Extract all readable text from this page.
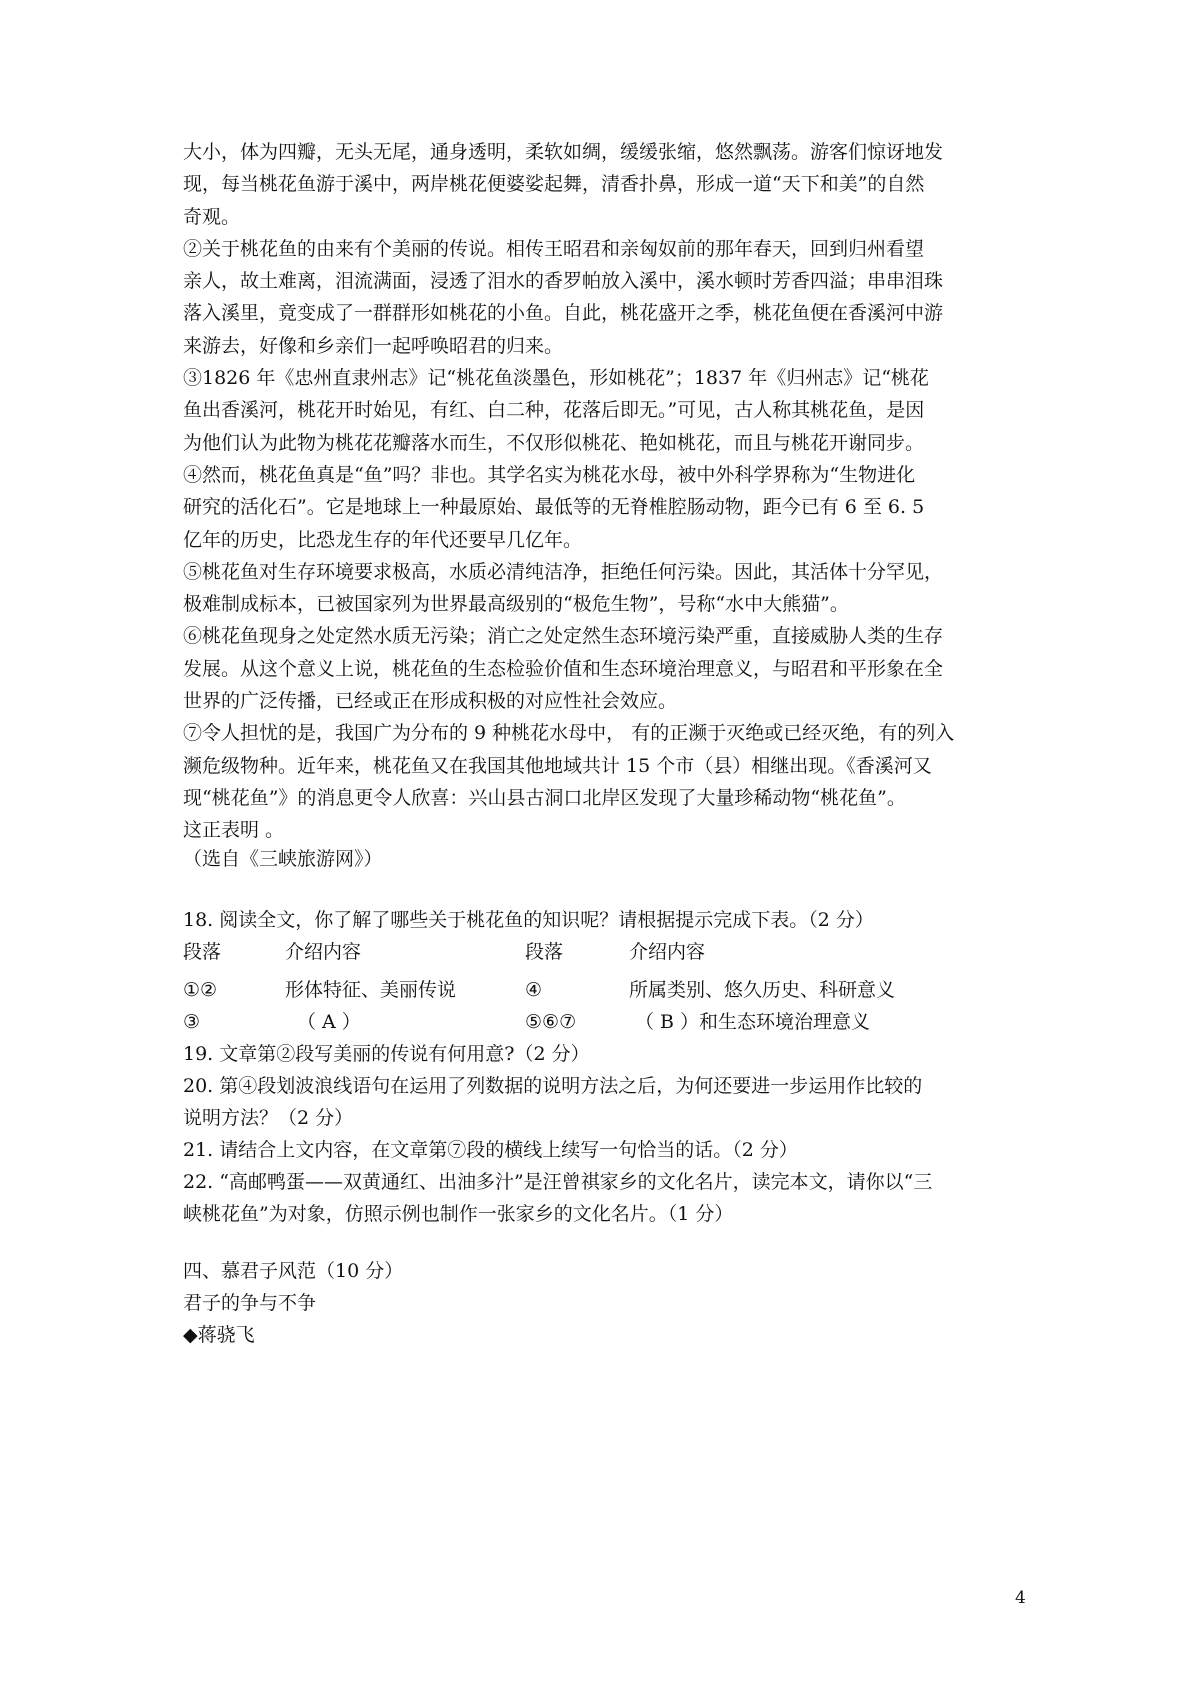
大小，体为四瓣，无头无尾，通身透明，柔软如绸，缓缓张缩，悠然飘荡。游客们惊讶地发
现，每当桃花鱼游于溪中，两岸桃花便婆娑起舞，清香扑鼻，形成一道“天下和美”的自然
奇观。
②关于桃花鱼的由来有个美丽的传说。相传王昭君和亲匈奴前的那年春天，回到归州看望
亲人，故土难离，泪流满面，浸透了泪水的香罗帕放入溪中，溪水顿时芳香四溢；串串泪珠
落入溪里，竟变成了一群群形如桃花的小鱼。自此，桃花盛开之季，桃花鱼便在香溪河中游
来游去，好像和乡亲们一起呼唤昭君的归来。
③1826 年《忠州直隶州志》记“桃花鱼淡墨色，形如桃花”；1837 年《归州志》记“桃花
鱼出香溪河，桃花开时始见，有红、白二种，花落后即无。”可见，古人称其桃花鱼，是因
为他们认为此物为桃花花瓣落水而生，不仅形似桃花、艳如桃花，而且与桃花开谢同步。
④然而，桃花鱼真是“鱼”吗？非也。其学名实为桃花水母，被中外科学界称为“生物进化
研究的活化石”。它是地球上一种最原始、最低等的无脊椎腔肠动物，距今已有 6 至 6. 5
亿年的历史，比恐龙生存的年代还要早几亿年。
⑤桃花鱼对生存环境要求极高，水质必清纯洁净，拒绝任何污染。因此，其活体十分罕见，
极难制成标本，已被国家列为世界最高级别的“极危生物”，号称“水中大熊猫”。
⑥桃花鱼现身之处定然水质无污染；消亡之处定然生态环境污染严重，直接威胁人类的生存
发展。从这个意义上说，桃花鱼的生态检验价值和生态环境治理意义，与昭君和平形象在全
世界的广泛传播，已经或正在形成积极的对应性社会效应。
⑦令人担忧的是，我国广为分布的 9 种桃花水母中， 有的正濒于灭绝或已经灭绝，有的列入
濒危级物种。近年来，桃花鱼又在我国其他地域共计 15 个市（县）相继出现。《香溪河又
现“桃花鱼”》的消息更令人欣喜：兴山县古洞口北岸区发现了大量珍稀动物“桃花鱼”。
这正表明 。
（选自《三峡旅游网》）
18. 阅读全文，你了解了哪些关于桃花鱼的知识呢？请根据提示完成下表。（2 分）
段落	介绍内容	段落	介绍内容
①②	形体特征、美丽传说	④	所属类别、悠久历史、科研意义
③	（ A ）	⑤⑥⑦	（ B ）和生态环境治理意义
19. 文章第②段写美丽的传说有何用意?（2 分）
20. 第④段划波浪线语句在运用了列数据的说明方法之后，为何还要进一步运用作比较的
说明方法？（2 分）
21. 请结合上文内容，在文章第⑦段的横线上续写一句恰当的话。（2 分）
22. “高邮鸭蛋——双黄通红、出油多汁”是汪曾祺家乡的文化名片，读完本文，请你以“三
峡桃花鱼”为对象，仿照示例也制作一张家乡的文化名片。（1 分）
四、慕君子风范（10 分）
君子的争与不争
◆蒋骁飞
4
